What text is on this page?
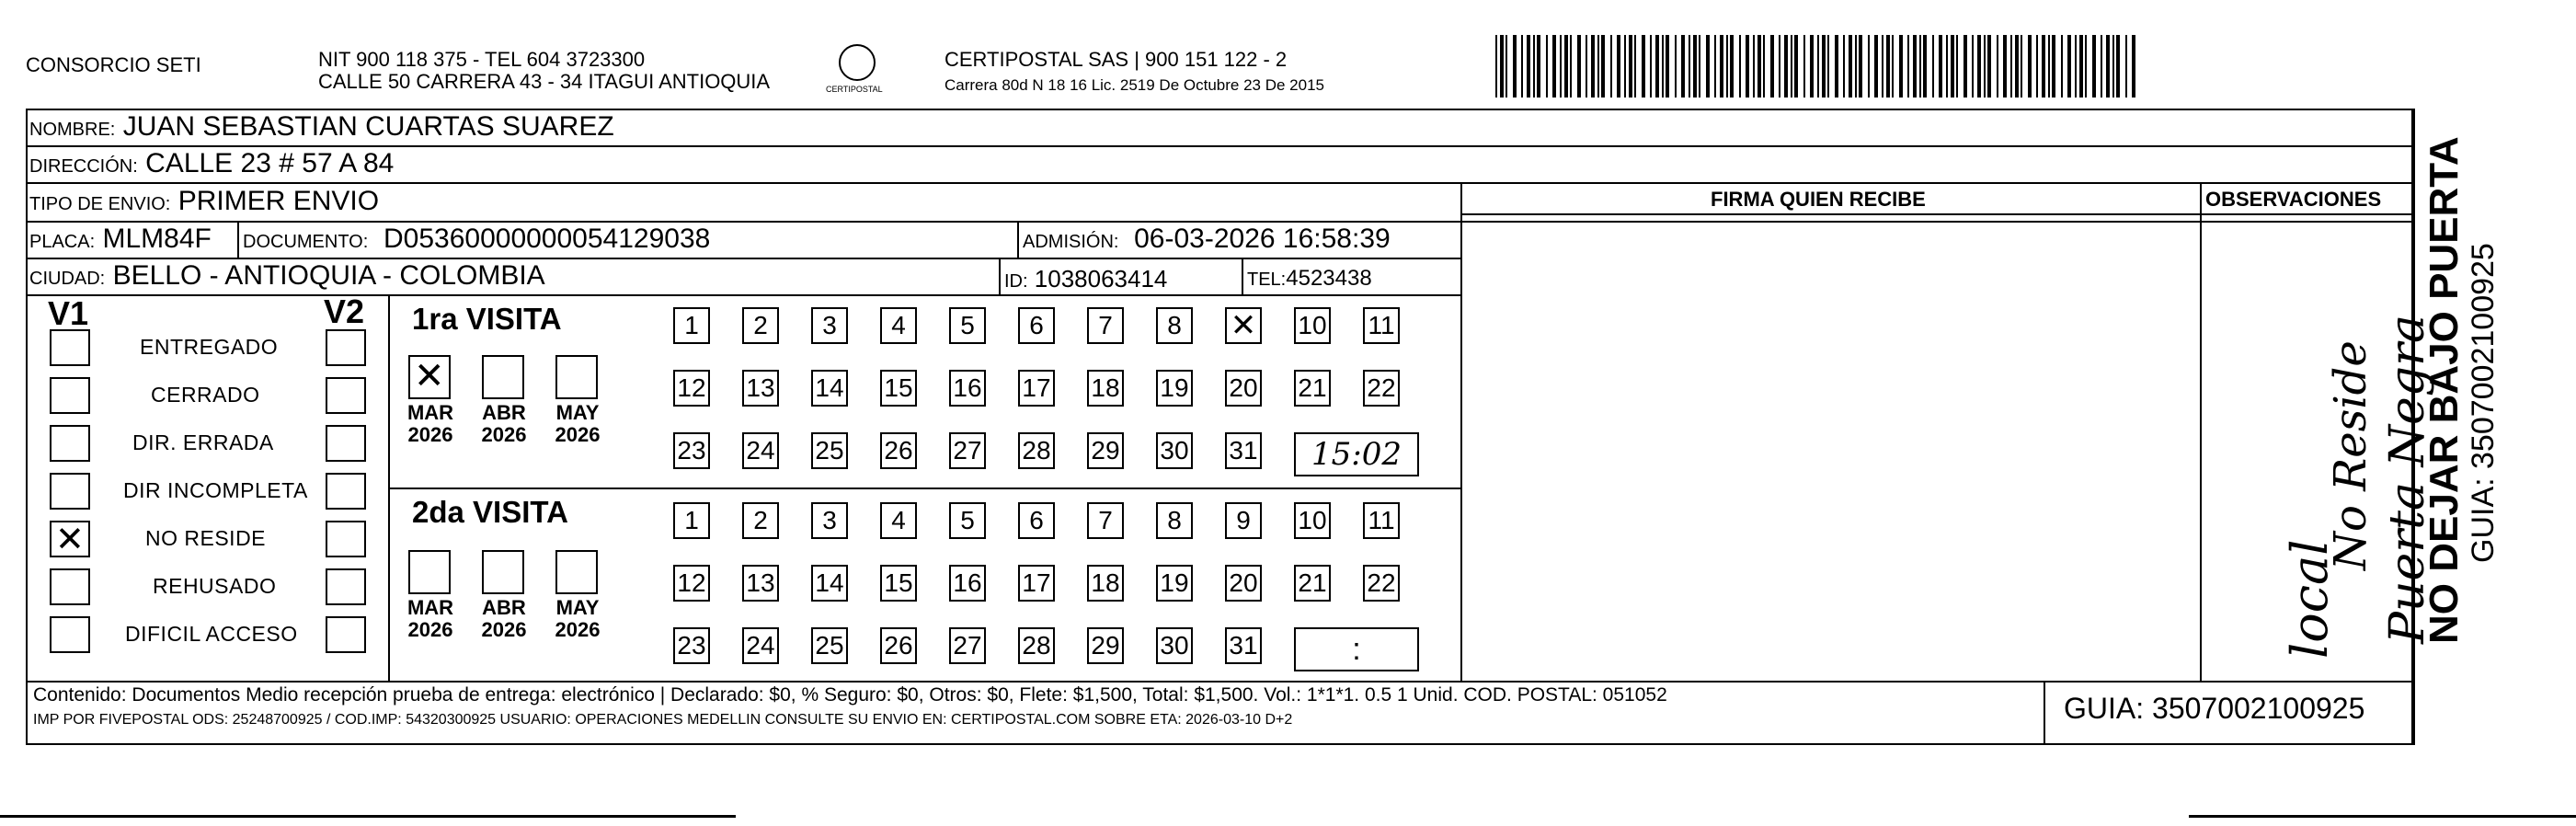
CONSORCIO SETI	NIT 900 118 375 - TEL 604 3723300
CALLE 50 CARRERA 43 - 34 ITAGUI ANTIOQUIA	CERTIPOSTAL
CERTIPOSTAL SAS | 900 151 122 - 2
Carrera 80d N 18 16 Lic. 2519 De Octubre 23 De 2015
NOMBRE: JUAN SEBASTIAN CUARTAS SUAREZ
DIRECCIÓN: CALLE 23 # 57 A 84
TIPO DE ENVIO: PRIMER ENVIO
PLACA: MLM84F DOCUMENTO: D05360000000054129038	ADMISIÓN: 06-03-2026 16:58:39
CIUDAD: BELLO - ANTIOQUIA - COLOMBIA	ID: 1038063414	TEL:4523438
FIRMA QUIEN RECIBE	OBSERVACIONES
V1	V2
ENTREGADO
CERRADO
DIR. ERRADA
DIR INCOMPLETA
✕	NO RESIDE
REHUSADO
DIFICIL ACCESO
1ra VISITA
2da VISITA
✕
MAR
2026
ABR
2026
MAY
2026
MAR
2026
ABR
2026
MAY
2026
1	2	3	4	5	6	7	8	✕ 10 11
12 13 14 15 16 17 18 19 20 21 22
23 24 25 26 27 28 29 30 31	15:02
1	2	3	4	5	6	7	8	9	10 11
12 13 14 15 16 17 18 19 20 21 22
23 24 25 26 27 28 29 30 31	:	local
No Reside Puerta Negra
NO DEJAR BAJO PUERTA GUIA: 3507002100925
Contenido: Documentos Medio recepción prueba de entrega: electrónico | Declarado: $0, % Seguro: $0, Otros: $0, Flete: $1,500, Total: $1,500. Vol.: 1*1*1. 0.5 1 Unid. COD. POSTAL: 051052
IMP POR FIVEPOSTAL ODS: 25248700925 / COD.IMP: 54320300925 USUARIO: OPERACIONES MEDELLIN CONSULTE SU ENVIO EN: CERTIPOSTAL.COM SOBRE ETA: 2026-03-10 D+2	GUIA: 3507002100925
